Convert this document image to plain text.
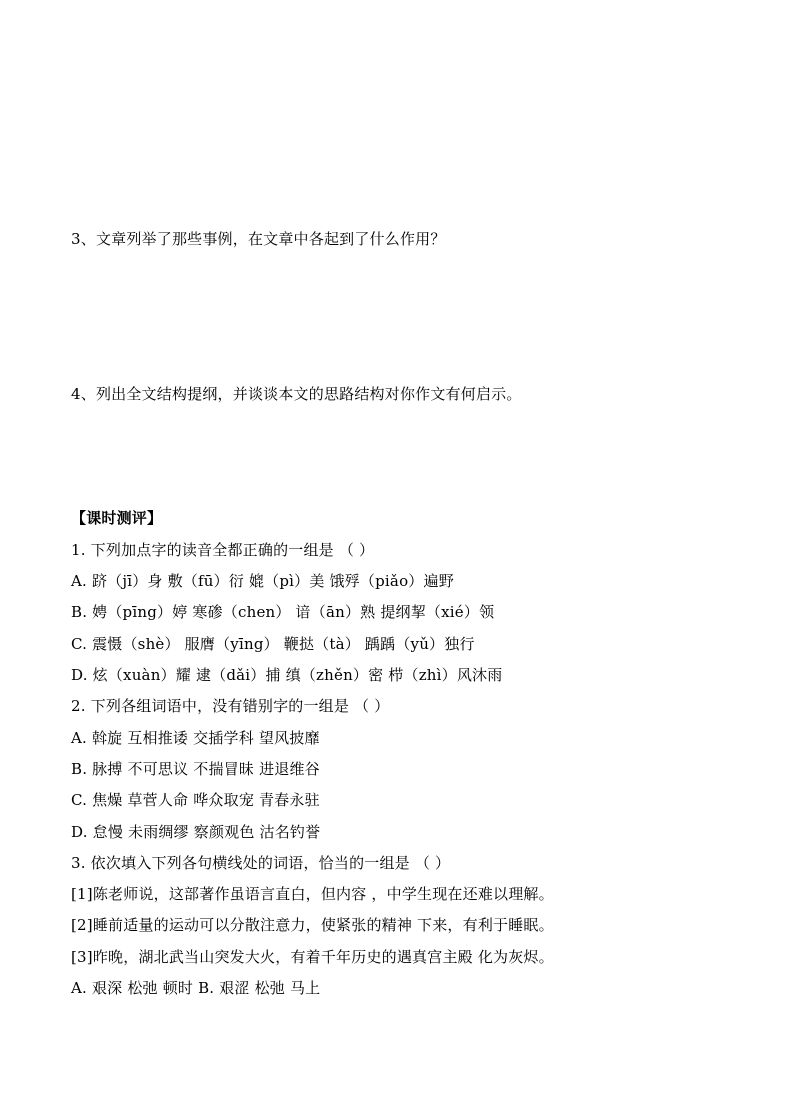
3、文章列举了那些事例，在文章中各起到了什么作用？
4、列出全文结构提纲，并谈谈本文的思路结构对你作文有何启示。
【课时测评】
1. 下列加点字的读音全都正确的一组是 （ ）
A. 跻（jī）身 敷（fū）衍 媲（pì）美 饿殍（piǎo）遍野
B. 娉（pīng）婷 寒碜（chen） 谙（ān）熟 提纲挈（xié）领
C. 震慑（shè） 服膺（yīng） 鞭挞（tà） 踽踽（yǔ）独行
D. 炫（xuàn）耀 逮（dǎi）捕 缜（zhěn）密 栉（zhì）风沐雨
2. 下列各组词语中，没有错别字的一组是 （ ）
A. 斡旋 互相推诿 交插学科 望风披靡
B. 脉搏 不可思议 不揣冒昧 进退维谷
C. 焦燥 草菅人命 哗众取宠 青春永驻
D. 怠慢 未雨绸缪 察颜观色 沽名钓誉
3. 依次填入下列各句横线处的词语，恰当的一组是 （ ）
[1]陈老师说，这部著作虽语言直白，但内容 ，中学生现在还难以理解。
[2]睡前适量的运动可以分散注意力，使紧张的精神 下来，有利于睡眠。
[3]昨晚，湖北武当山突发大火，有着千年历史的遇真宫主殿 化为灰烬。
A. 艰深 松弛 顿时 B. 艰涩 松弛 马上
